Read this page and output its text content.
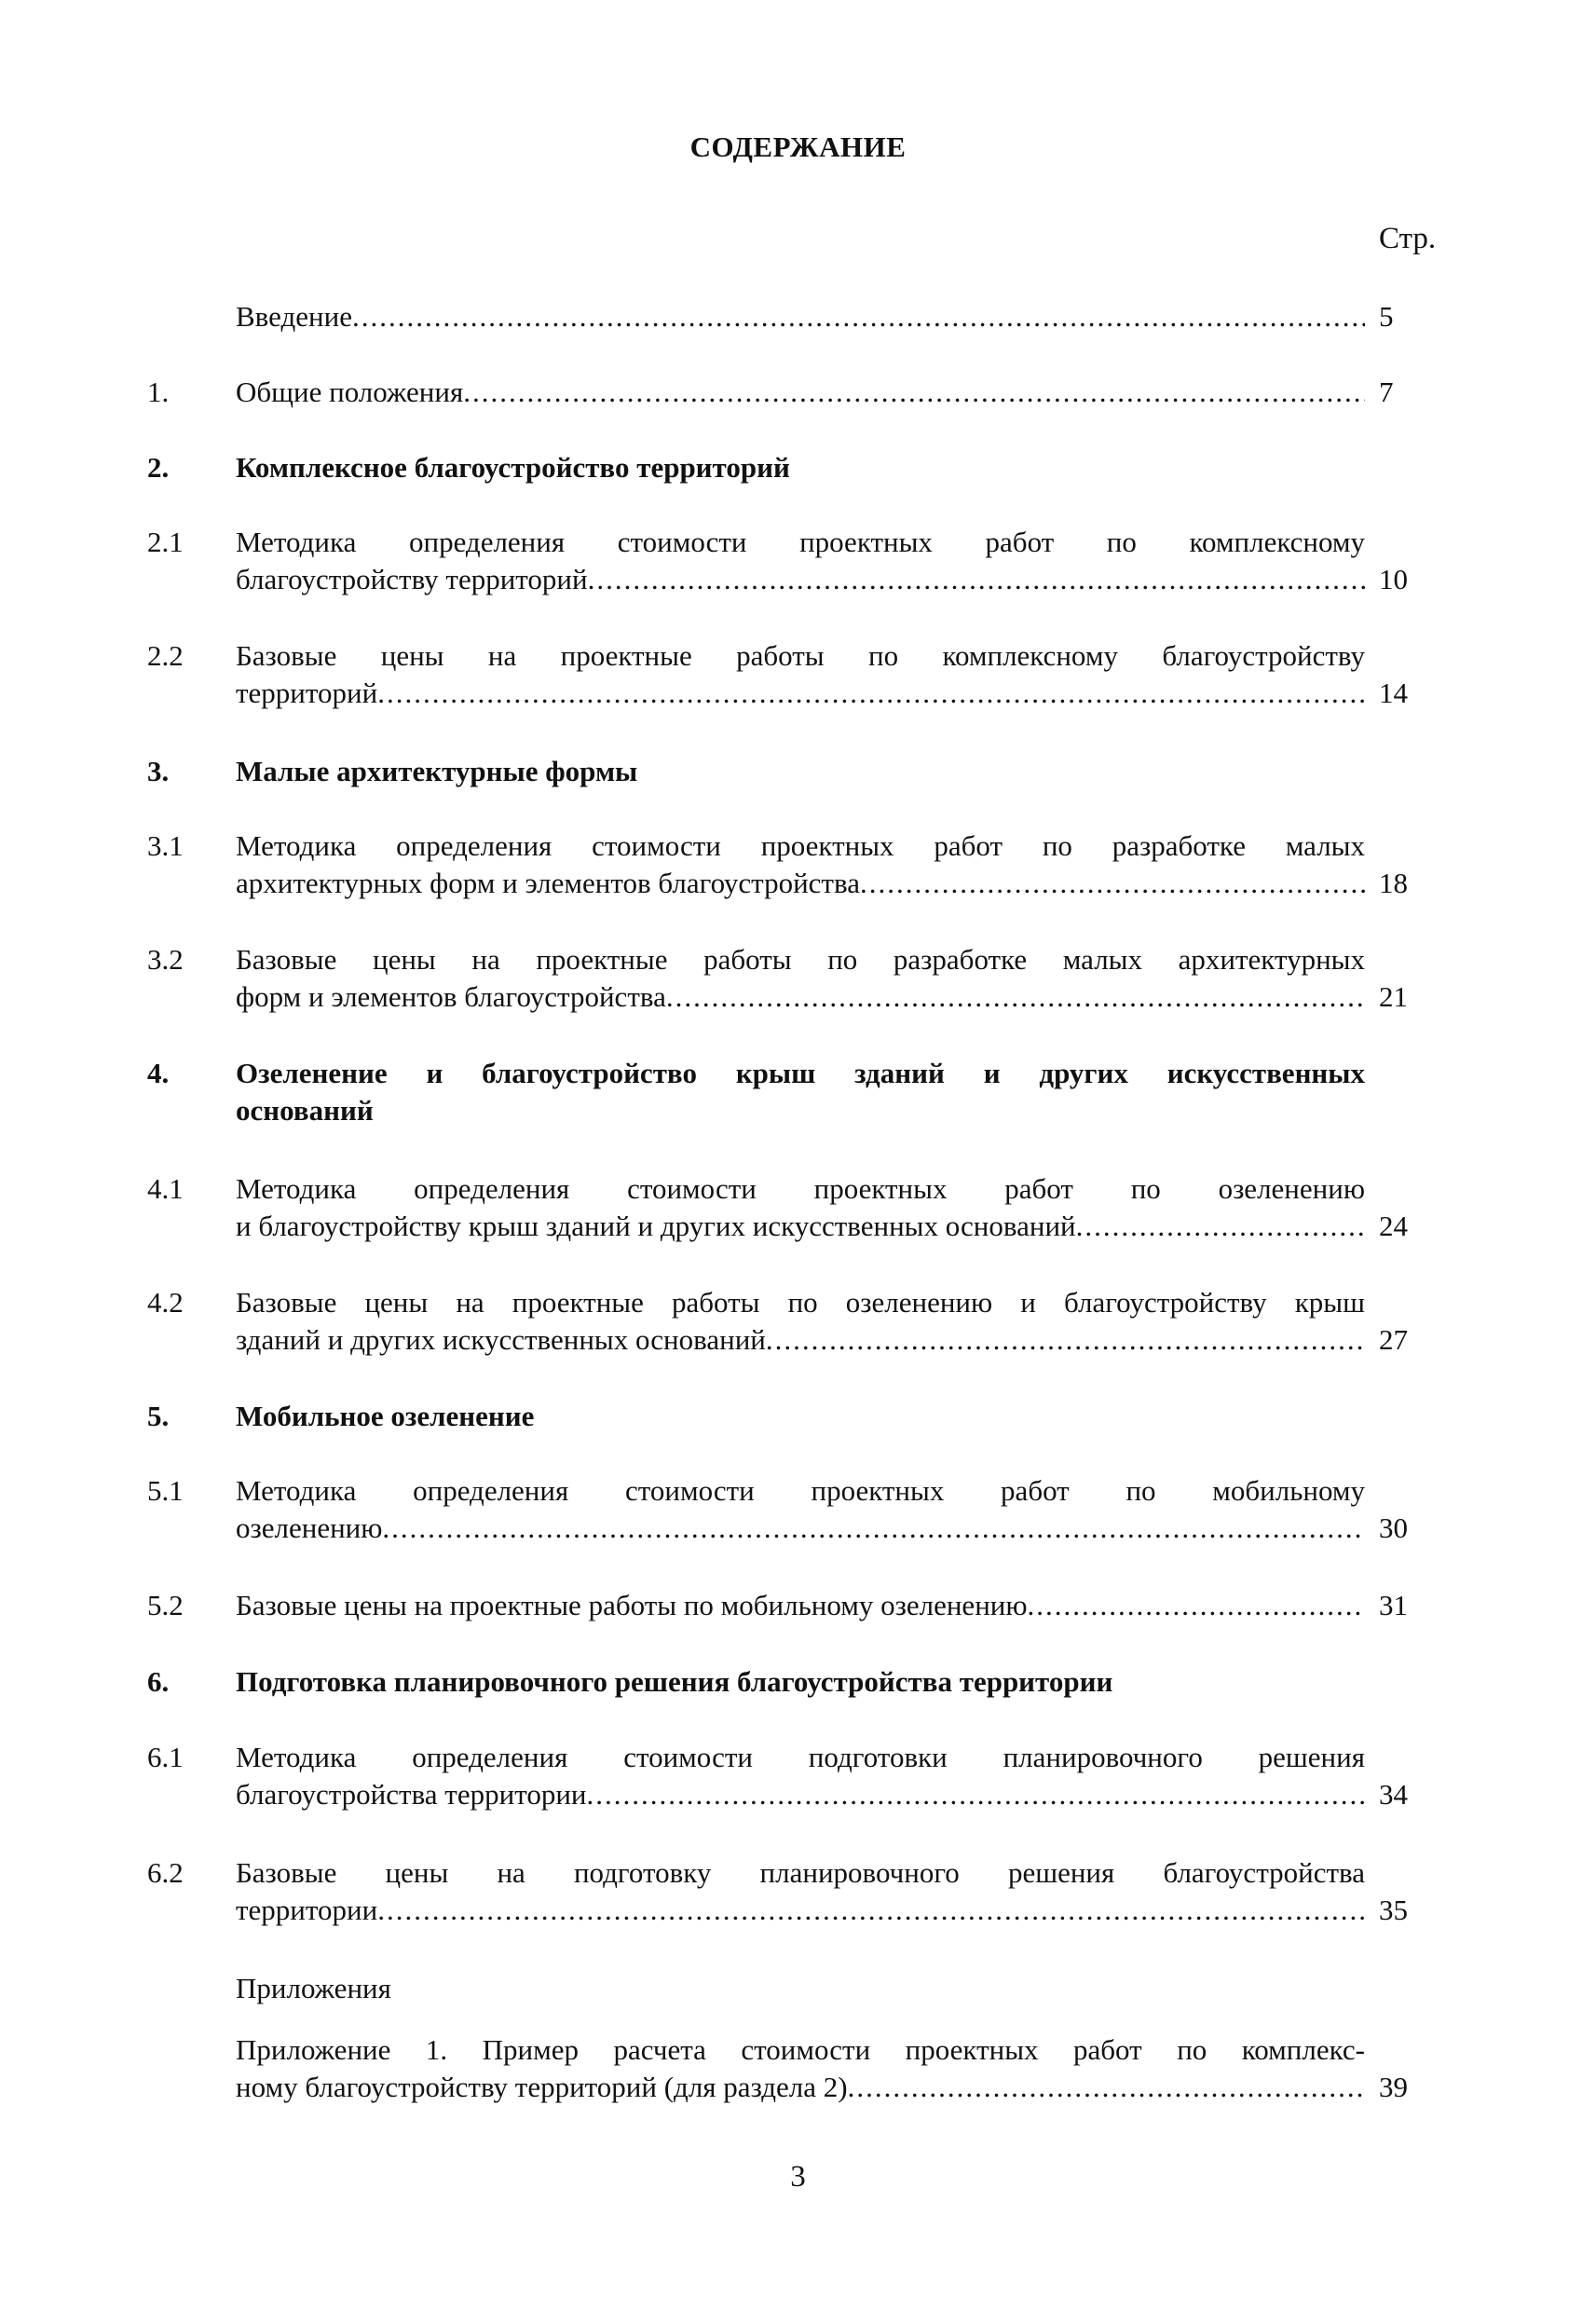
СОДЕРЖАНИЕ
Стр.
Введение .....	5
1.	Общие положения .....	7
2.	Комплексное благоустройство территорий
2.1	Методика определения стоимости проектных работ по комплексному
благоустройству территорий .....	10
2.2	Базовые цены на проектные работы по комплексному благоустройству
территорий .....	14
3.	Малые архитектурные формы
3.1	Методика определения стоимости проектных работ по разработке малых
архитектурных форм и элементов благоустройства .....	18
3.2	Базовые цены на проектные работы по разработке малых архитектурных
форм и элементов благоустройства .....	21
4.	Озеленение и благоустройство крыш зданий и других искусственных
оснований
4.1	Методика определения стоимости проектных работ по озеленению
и благоустройству крыш зданий и других искусственных оснований .....	24
4.2	Базовые цены на проектные работы по озеленению и благоустройству крыш
зданий и других искусственных оснований .....	27
5.	Мобильное озеленение
5.1	Методика определения стоимости проектных работ по мобильному
озеленению .....	30
5.2	Базовые цены на проектные работы по мобильному озеленению .....	31
6.	Подготовка планировочного решения благоустройства территории
6.1	Методика определения стоимости подготовки планировочного решения
благоустройства территории .....	34
6.2	Базовые цены на подготовку планировочного решения благоустройства
территории .....	35
Приложения
Приложение 1. Пример расчета стоимости проектных работ по комплекс-
ному благоустройству территорий (для раздела 2) .....	39
3
